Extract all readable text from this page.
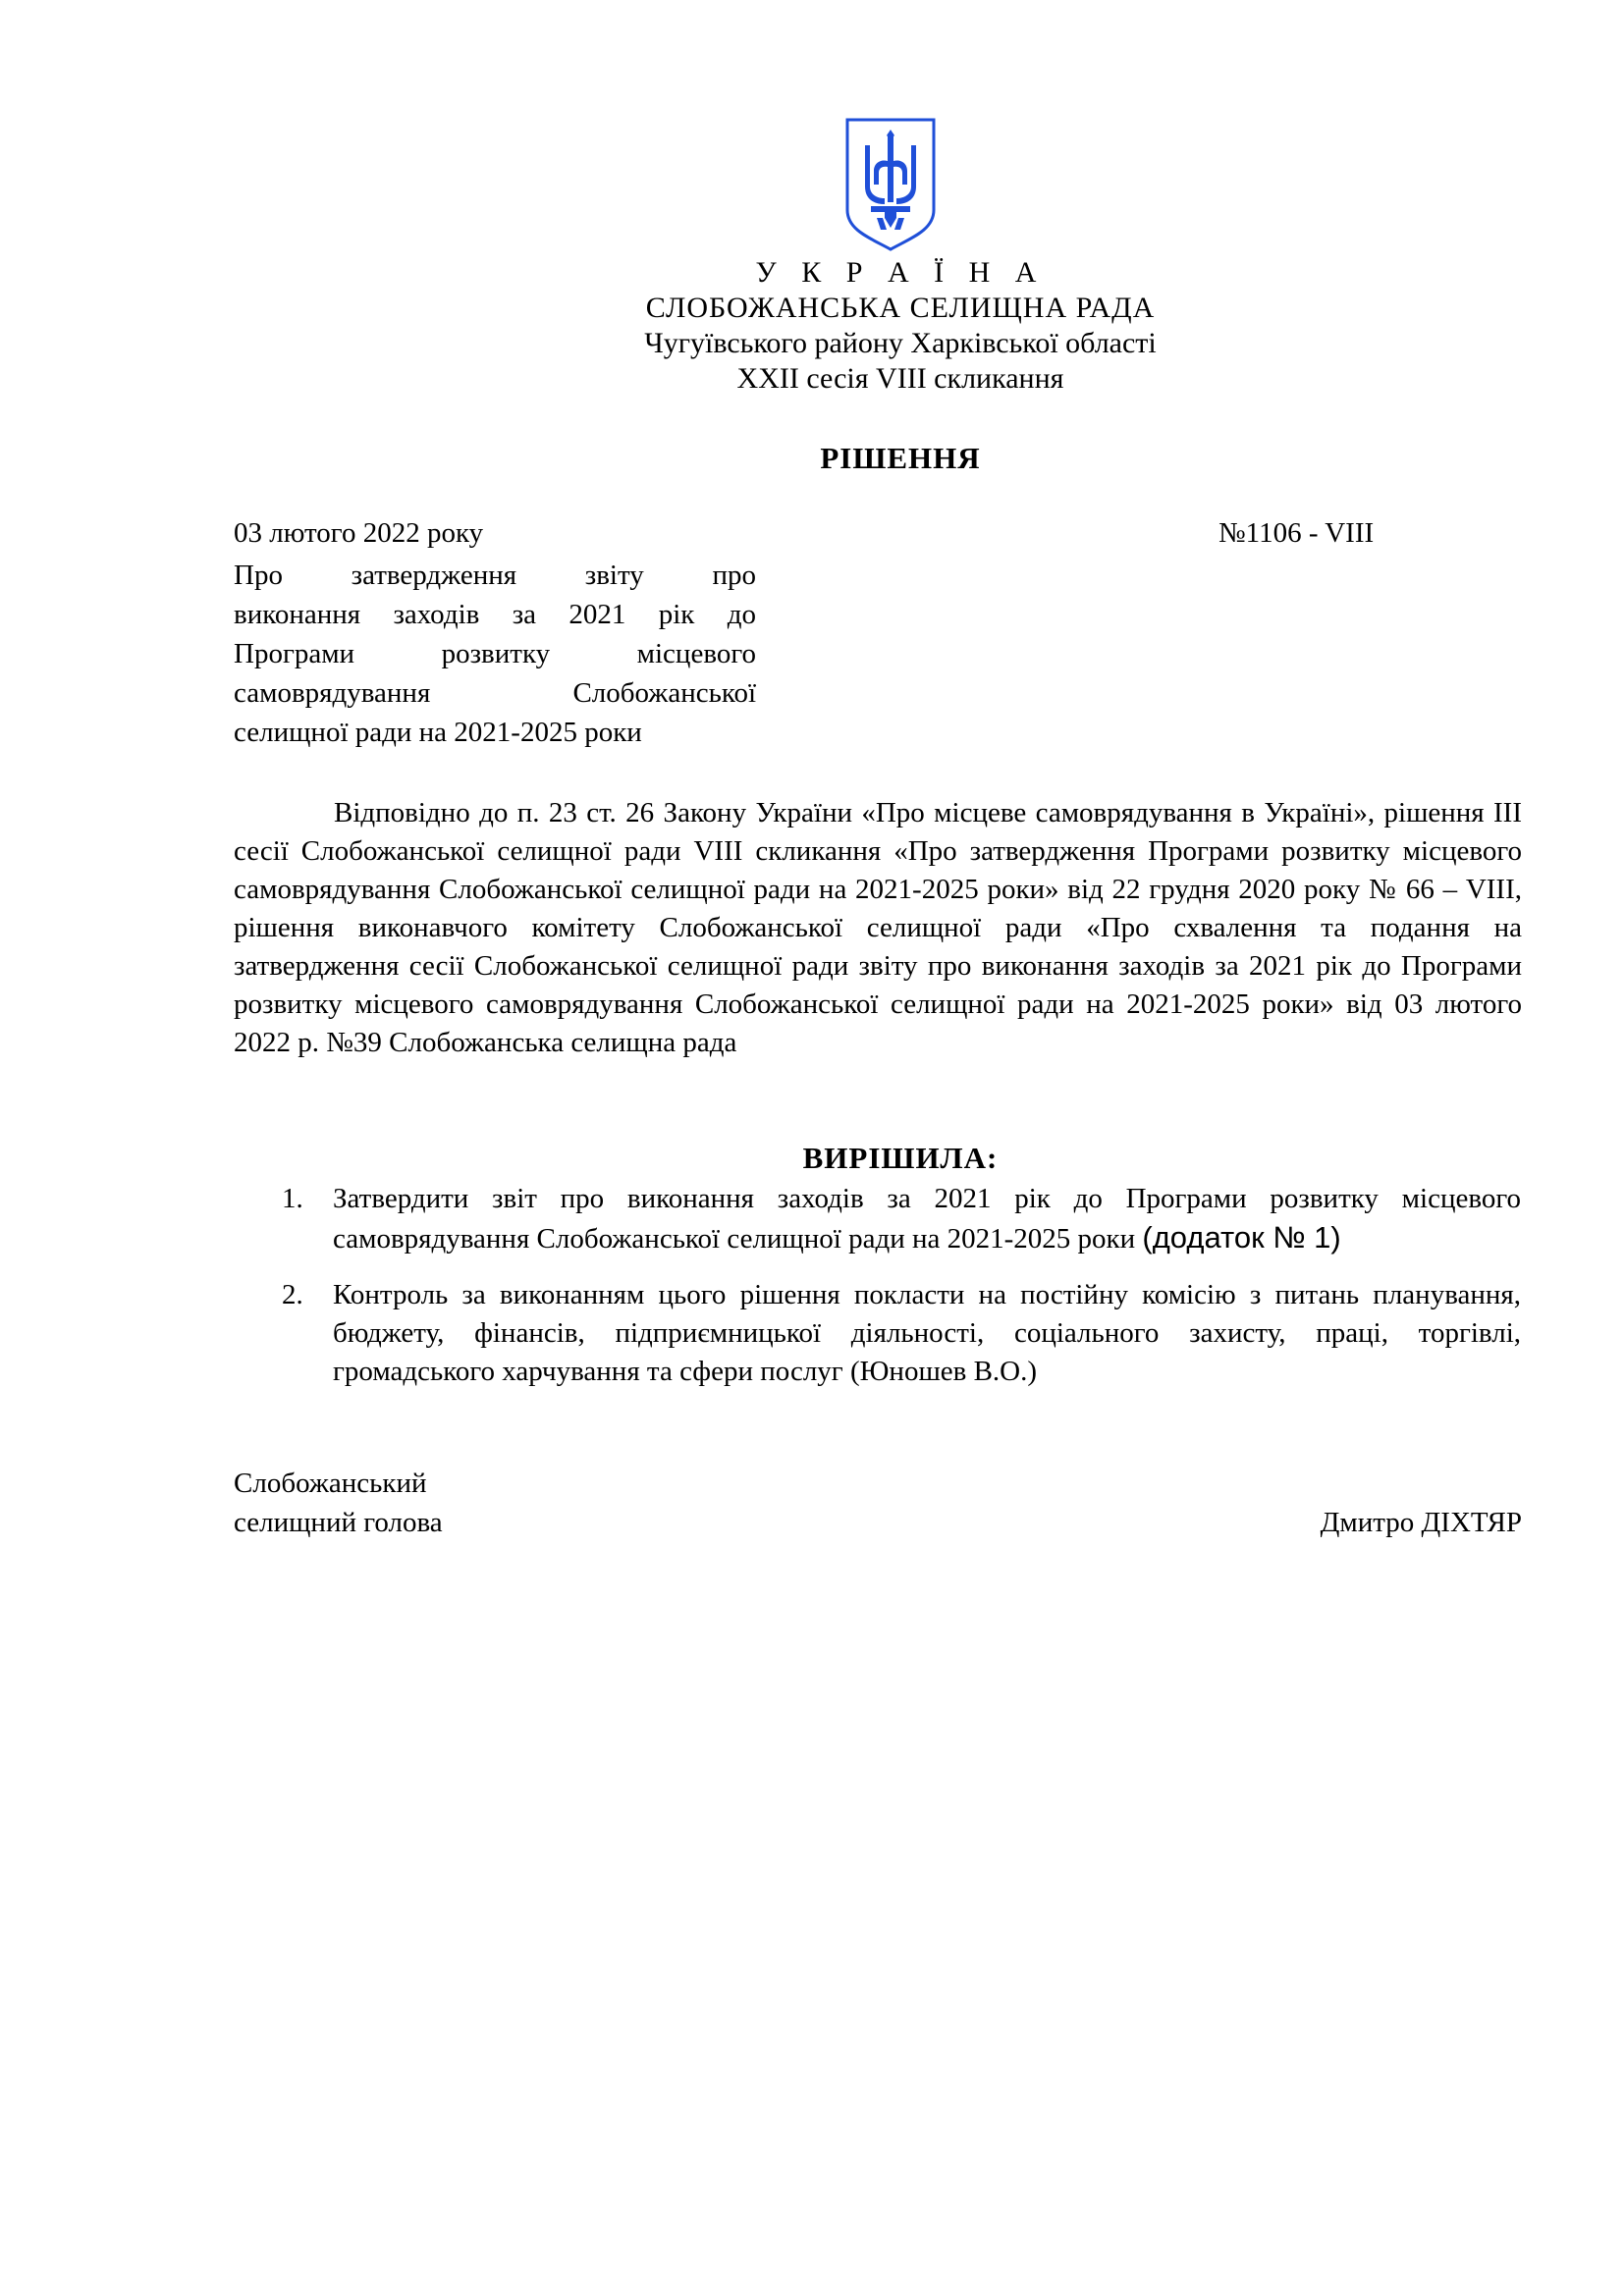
У К Р А Ї Н А
СЛОБОЖАНСЬКА СЕЛИЩНА РАДА
Чугуївського району Харківської області
XXII сесія VIII скликання
РІШЕННЯ
03 лютого 2022 року	№1106 - VIII
Про затвердження звіту про
виконання заходів за 2021 рік до
Програми розвитку місцевого
самоврядування Слобожанської
селищної ради на 2021-2025 роки
Відповідно до п. 23 ст. 26 Закону України «Про місцеве самоврядування в Україні», рішення ІІІ сесії Слобожанської селищної ради VIII скликання «Про затвердження Програми розвитку місцевого самоврядування Слобожанської селищної ради на 2021-2025 роки» від 22 грудня 2020 року № 66 – VIII, рішення виконавчого комітету Слобожанської селищної ради «Про схвалення та подання на затвердження сесії Слобожанської селищної ради звіту про виконання заходів за 2021 рік до Програми розвитку місцевого самоврядування Слобожанської селищної ради на 2021-2025 роки» від 03 лютого 2022 р. №39 Слобожанська селищна рада
ВИРІШИЛА:
1. Затвердити звіт про виконання заходів за 2021 рік до Програми розвитку місцевого самоврядування Слобожанської селищної ради на 2021-2025 роки (додаток № 1)
2. Контроль за виконанням цього рішення покласти на постійну комісію з питань планування, бюджету, фінансів, підприємницької діяльності, соціального захисту, праці, торгівлі, громадського харчування та сфери послуг (Юношев В.О.)
Слобожанський
селищний голова	Дмитро ДІХТЯР
